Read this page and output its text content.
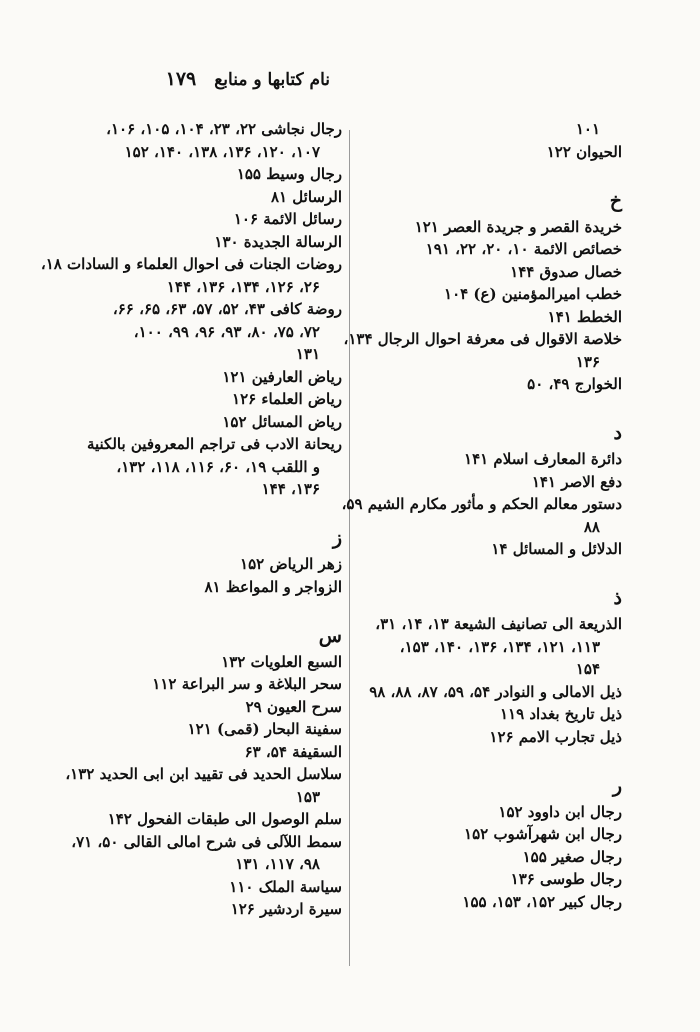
نام کتابها و منابع
۱۷۹
۱۰۱
الحیوان ۱۲۲
خ
خریدة القصر و جریدة العصر ۱۲۱
خصائص الائمة ۱۰، ۲۰، ۲۲، ۱۹۱
خصال صدوق ۱۴۴
خطب امیرالمؤمنین (ع) ۱۰۴
الخطط ۱۴۱
خلاصة الاقوال فی معرفة احوال الرجال ۱۳۴،
۱۳۶
الخوارج ۴۹، ۵۰
د
دائرة المعارف اسلام ۱۴۱
دفع الاصر ۱۴۱
دستور معالم الحکم و مأثور مکارم الشیم ۵۹،
۸۸
الدلائل و المسائل ۱۴
ذ
الذریعة الی تصانیف الشیعة ۱۳، ۱۴، ۳۱،
۱۱۳، ۱۲۱، ۱۳۴، ۱۳۶، ۱۴۰، ۱۵۳،
۱۵۴
ذیل الامالی و النوادر ۵۴، ۵۹، ۸۷، ۸۸، ۹۸
ذیل تاریخ بغداد ۱۱۹
ذیل تجارب الامم ۱۲۶
ر
رجال ابن داوود ۱۵۲
رجال ابن شهرآشوب ۱۵۲
رجال صغیر ۱۵۵
رجال طوسی ۱۳۶
رجال کبیر ۱۵۲، ۱۵۳، ۱۵۵
رجال نجاشی ۲۲، ۲۳، ۱۰۴، ۱۰۵، ۱۰۶،
۱۰۷، ۱۲۰، ۱۳۶، ۱۳۸، ۱۴۰، ۱۵۲
رجال وسیط ۱۵۵
الرسائل ۸۱
رسائل الائمة ۱۰۶
الرسالة الجدیدة ۱۳۰
روضات الجنات فی احوال العلماء و السادات ۱۸،
۲۶، ۱۲۶، ۱۳۴، ۱۳۶، ۱۴۴
روضة کافی ۴۳، ۵۲، ۵۷، ۶۳، ۶۵، ۶۶،
۷۲، ۷۵، ۸۰، ۹۳، ۹۶، ۹۹، ۱۰۰،
۱۳۱
ریاض العارفین ۱۲۱
ریاض العلماء ۱۲۶
ریاض المسائل ۱۵۲
ریحانة الادب فی تراجم المعروفین بالکنیة
و اللقب ۱۹، ۶۰، ۱۱۶، ۱۱۸، ۱۳۲،
۱۳۶، ۱۴۴
ز
زهر الریاض ۱۵۲
الزواجر و المواعظ ۸۱
س
السبع العلویات ۱۳۲
سحر البلاغة و سر البراعة ۱۱۲
سرح العیون ۲۹
سفینة البحار (قمی) ۱۲۱
السقیفة ۵۴، ۶۳
سلاسل الحدید فی تقیید ابن ابی الحدید ۱۳۲،
۱۵۳
سلم الوصول الی طبقات الفحول ۱۴۲
سمط اللآلی فی شرح امالی القالی ۵۰، ۷۱،
۹۸، ۱۱۷، ۱۳۱
سیاسة الملک ۱۱۰
سیرة اردشیر ۱۲۶
